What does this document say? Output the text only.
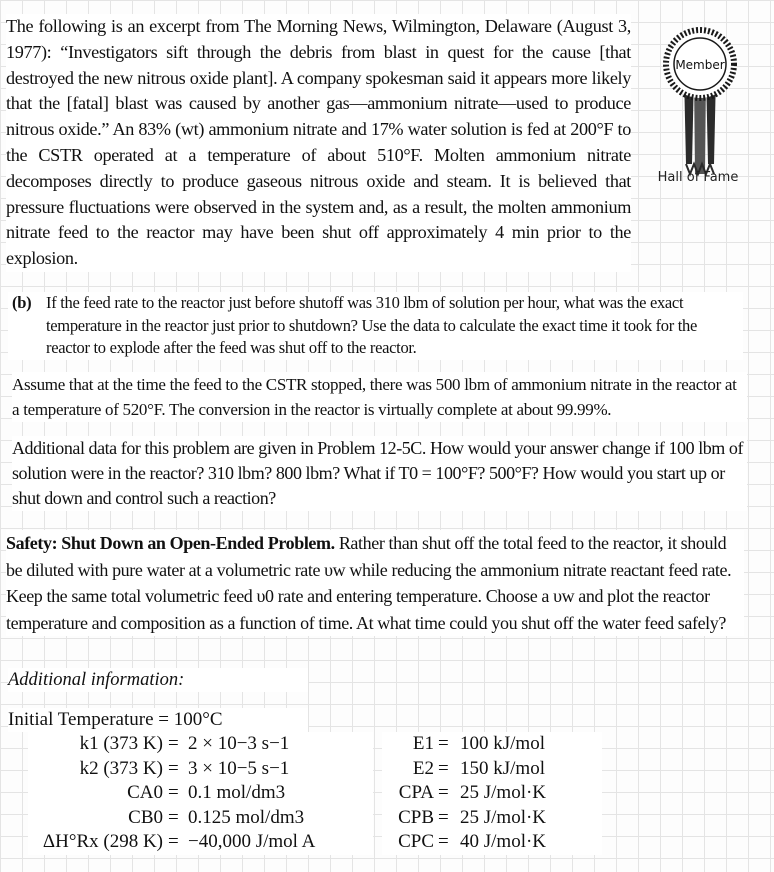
The following is an excerpt from The Morning News, Wilmington, Delaware (August 3, 1977): “Investigators sift through the debris from blast in quest for the cause [that destroyed the new nitrous oxide plant]. A company spokesman said it appears more likely that the [fatal] blast was caused by another gas—ammonium nitrate—used to produce nitrous oxide.” An 83% (wt) ammonium nitrate and 17% water solution is fed at 200°F to the CSTR operated at a temperature of about 510°F. Molten ammonium nitrate decomposes directly to produce gaseous nitrous oxide and steam. It is believed that pressure fluctuations were observed in the system and, as a result, the molten ammonium nitrate feed to the reactor may have been shut off approximately 4 min prior to the explosion.
Member
Hall of Fame
(b) If the feed rate to the reactor just before shutoff was 310 lbm of solution per hour, what was the exact temperature in the reactor just prior to shutdown? Use the data to calculate the exact time it took for the reactor to explode after the feed was shut off to the reactor.
Assume that at the time the feed to the CSTR stopped, there was 500 lbm of ammonium nitrate in the reactor at a temperature of 520°F. The conversion in the reactor is virtually complete at about 99.99%.
Additional data for this problem are given in Problem 12-5C. How would your answer change if 100 lbm of solution were in the reactor? 310 lbm? 800 lbm? What if T0 = 100°F? 500°F? How would you start up or shut down and control such a reaction?
Safety: Shut Down an Open-Ended Problem. Rather than shut off the total feed to the reactor, it should be diluted with pure water at a volumetric rate υw while reducing the ammonium nitrate reactant feed rate. Keep the same total volumetric feed υ0 rate and entering temperature. Choose a υw and plot the reactor temperature and composition as a function of time. At what time could you shut off the water feed safely?
Additional information:
Initial Temperature = 100°C
k1 (373 K) = 2 × 10−3 s−1
k2 (373 K) = 3 × 10−5 s−1
CA0 = 0.1 mol/dm3
CB0 = 0.125 mol/dm3
ΔH°Rx (298 K) = −40,000 J/mol A
E1 = 100 kJ/mol
E2 = 150 kJ/mol
CPA = 25 J/mol·K
CPB = 25 J/mol·K
CPC = 40 J/mol·K
